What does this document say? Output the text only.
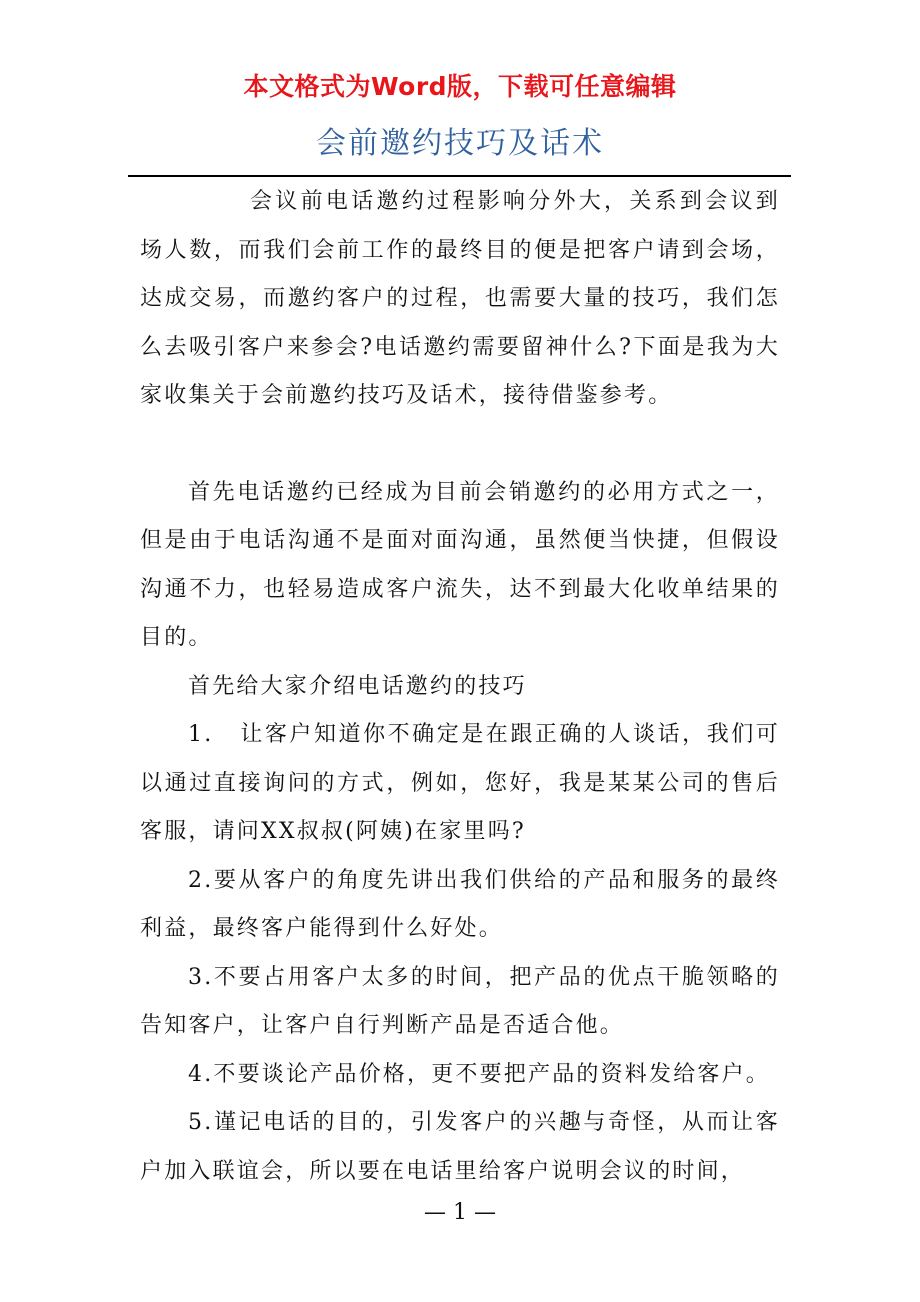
本文格式为Word版，下载可任意编辑
会前邀约技巧及话术

会议前电话邀约过程影响分外大，关系到会议到场人数，而我们会前工作的最终目的便是把客户请到会场，达成交易，而邀约客户的过程，也需要大量的技巧，我们怎么去吸引客户来参会?电话邀约需要留神什么?下面是我为大家收集关于会前邀约技巧及话术，接待借鉴参考。

首先电话邀约已经成为目前会销邀约的必用方式之一，但是由于电话沟通不是面对面沟通，虽然便当快捷，但假设沟通不力，也轻易造成客户流失，达不到最大化收单结果的目的。

首先给大家介绍电话邀约的技巧

1. 让客户知道你不确定是在跟正确的人谈话，我们可以通过直接询问的方式，例如，您好，我是某某公司的售后客服，请问XX叔叔(阿姨)在家里吗?

2.要从客户的角度先讲出我们供给的产品和服务的最终利益，最终客户能得到什么好处。

3.不要占用客户太多的时间，把产品的优点干脆领略的告知客户，让客户自行判断产品是否适合他。

4.不要谈论产品价格，更不要把产品的资料发给客户。

5.谨记电话的目的，引发客户的兴趣与奇怪，从而让客户加入联谊会，所以要在电话里给客户说明会议的时间，

— 1 —
